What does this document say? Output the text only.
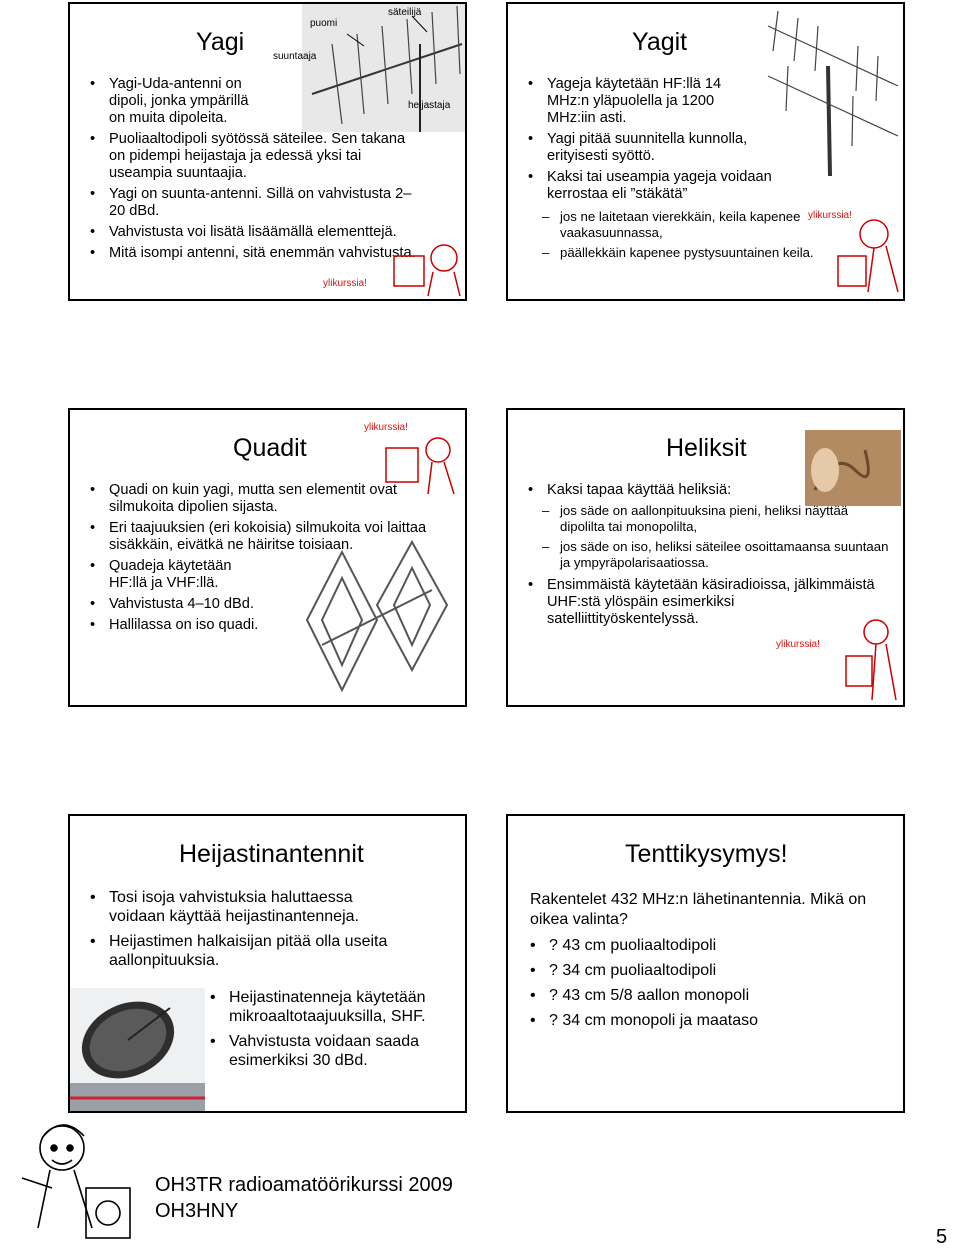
puomi
säteilijä
suuntaaja
heijastaja
Yagi
• Yagi-Uda-antenni on dipoli, jonka ympärillä on muita dipoleita.
• Puoliaaltodipoli syötössä säteilee. Sen takana on pidempi heijastaja ja edessä yksi tai useampia suuntaajia.
• Yagi on suunta-antenni. Sillä on vahvistusta 2–20 dBd.
• Vahvistusta voi lisätä lisäämällä elementtejä.
• Mitä isompi antenni, sitä enemmän vahvistusta.
ylikurssia!
Yagit
• Yageja käytetään HF:llä 14 MHz:n yläpuolella ja 1200 MHz:iin asti.
• Yagi pitää suunnitella kunnolla, erityisesti syöttö.
• Kaksi tai useampia yageja voidaan kerrostaa eli ”stäkätä”
– jos ne laitetaan vierekkäin, keila kapenee vaakasuunnassa,
– päällekkäin kapenee pystysuuntainen keila.
ylikurssia!
Quadit
ylikurssia!
• Quadi on kuin yagi, mutta sen elementit ovat silmukoita dipolien sijasta.
• Eri taajuuksien (eri kokoisia) silmukoita voi laittaa sisäkkäin, eivätkä ne häiritse toisiaan.
• Quadeja käytetään HF:llä ja VHF:llä.
• Vahvistusta 4–10 dBd.
• Hallilassa on iso quadi.
Heliksit
• Kaksi tapaa käyttää heliksiä:
– jos säde on aallonpituuksina pieni, heliksi näyttää dipolilta tai monopolilta,
– jos säde on iso, heliksi säteilee osoittamaansa suuntaan ja ympyräpolarisaatiossa.
• Ensimmäistä käytetään käsiradioissa, jälkimmäistä UHF:stä ylöspäin esimerkiksi satelliittityöskentelyssä.
ylikurssia!
Heijastinantennit
• Tosi isoja vahvistuksia haluttaessa voidaan käyttää heijastinantenneja.
• Heijastimen halkaisijan pitää olla useita aallonpituuksia.
• Heijastinatenneja käytetään mikroaaltotaajuuksilla, SHF.
• Vahvistusta voidaan saada esimerkiksi 30 dBd.
Tenttikysymys!
Rakentelet 432 MHz:n lähetinantennia. Mikä on oikea valinta?
• ? 43 cm puoliaaltodipoli
• ? 34 cm puoliaaltodipoli
• ? 43 cm 5/8 aallon monopoli
• ? 34 cm monopoli ja maataso
OH3TR radioamatöörikurssi 2009
OH3HNY
5
